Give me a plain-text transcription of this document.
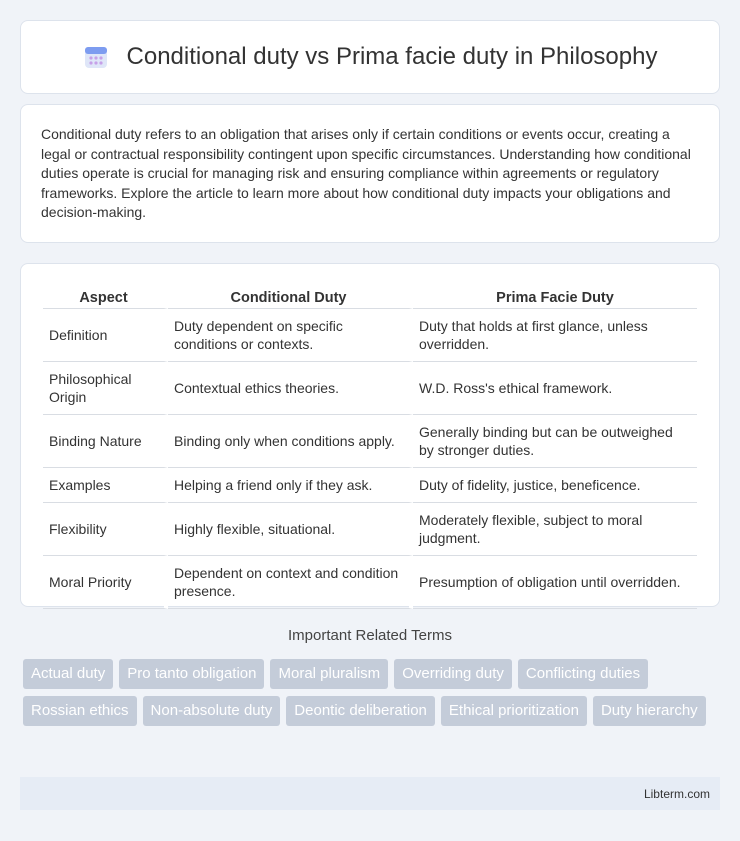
Conditional duty vs Prima facie duty in Philosophy

Conditional duty refers to an obligation that arises only if certain conditions or events occur, creating a legal or contractual responsibility contingent upon specific circumstances. Understanding how conditional duties operate is crucial for managing risk and ensuring compliance within agreements or regulatory frameworks. Explore the article to learn more about how conditional duty impacts your obligations and decision-making.

Aspect	Conditional Duty	Prima Facie Duty
Definition	Duty dependent on specific conditions or contexts.	Duty that holds at first glance, unless overridden.
Philosophical Origin	Contextual ethics theories.	W.D. Ross's ethical framework.
Binding Nature	Binding only when conditions apply.	Generally binding but can be outweighed by stronger duties.
Examples	Helping a friend only if they ask.	Duty of fidelity, justice, beneficence.
Flexibility	Highly flexible, situational.	Moderately flexible, subject to moral judgment.
Moral Priority	Dependent on context and condition presence.	Presumption of obligation until overridden.
Important Related Terms
Actual duty	Pro tanto obligation	Moral pluralism	Overriding duty	Conflicting duties
Rossian ethics	Non-absolute duty	Deontic deliberation	Ethical prioritization	Duty hierarchy
Libterm.com
